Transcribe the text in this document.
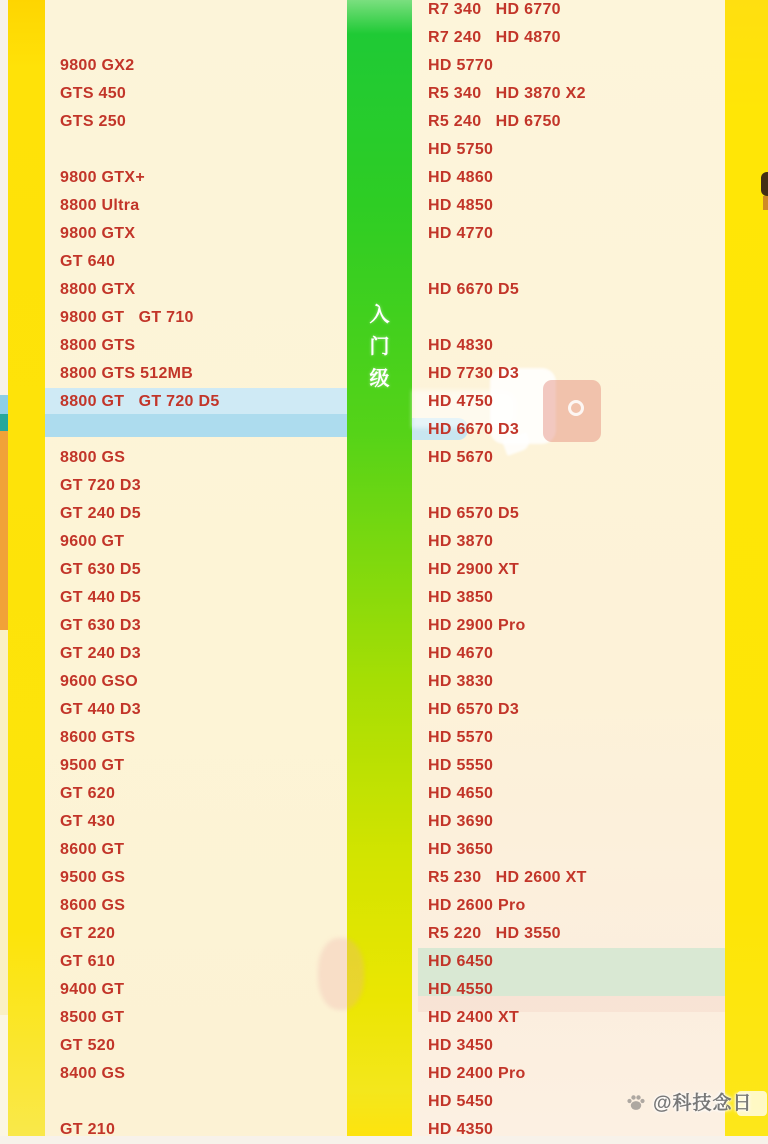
9800 GX2
GTS 450
GTS 250
9800 GTX+
8800 Ultra
9800 GTX
GT 640
8800 GTX
9800 GT   GT 710
8800 GTS
8800 GTS 512MB
8800 GT   GT 720 D5
8800 GS
GT 720 D3
GT 240 D5
9600 GT
GT 630 D5
GT 440 D5
GT 630 D3
GT 240 D3
9600 GSO
GT 440 D3
8600 GTS
9500 GT
GT 620
GT 430
8600 GT
9500 GS
8600 GS
GT 220
GT 610
9400 GT
8500 GT
GT 520
8400 GS
GT 210
入
门
级
R7 340   HD 6770
R7 240   HD 4870
HD 5770
R5 340   HD 3870 X2
R5 240   HD 6750
HD 5750
HD 4860
HD 4850
HD 4770
HD 6670 D5
HD 4830
HD 7730 D3
HD 4750
HD 6670 D3
HD 5670
HD 6570 D5
HD 3870
HD 2900 XT
HD 3850
HD 2900 Pro
HD 4670
HD 3830
HD 6570 D3
HD 5570
HD 5550
HD 4650
HD 3690
HD 3650
R5 230   HD 2600 XT
HD 2600 Pro
R5 220   HD 3550
HD 6450
HD 4550
HD 2400 XT
HD 3450
HD 2400 Pro
HD 5450
HD 4350
@科技念日
